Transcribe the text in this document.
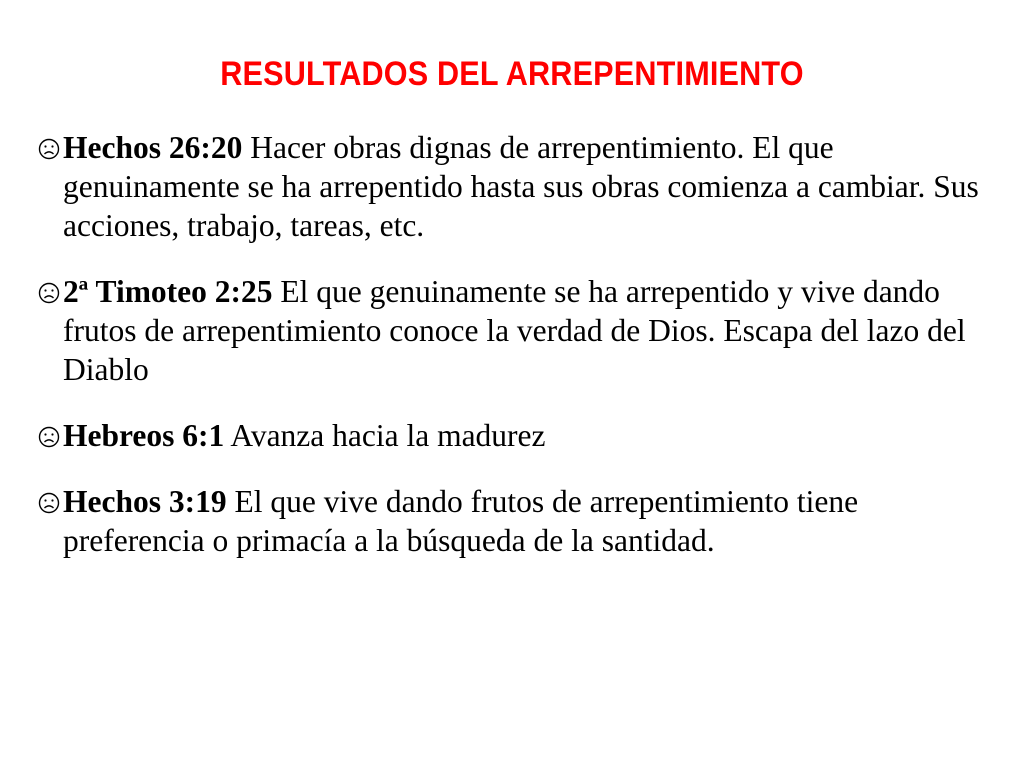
RESULTADOS DEL ARREPENTIMIENTO
Hechos 26:20 Hacer obras dignas de arrepentimiento. El que genuinamente se ha arrepentido hasta sus obras comienza a cambiar. Sus acciones, trabajo, tareas, etc.
2ª Timoteo 2:25 El que genuinamente se ha arrepentido y vive dando frutos de arrepentimiento conoce la verdad de Dios. Escapa del lazo del Diablo
Hebreos 6:1 Avanza hacia la madurez
Hechos 3:19 El que vive dando frutos de arrepentimiento tiene preferencia o primacía a la búsqueda de la santidad.
